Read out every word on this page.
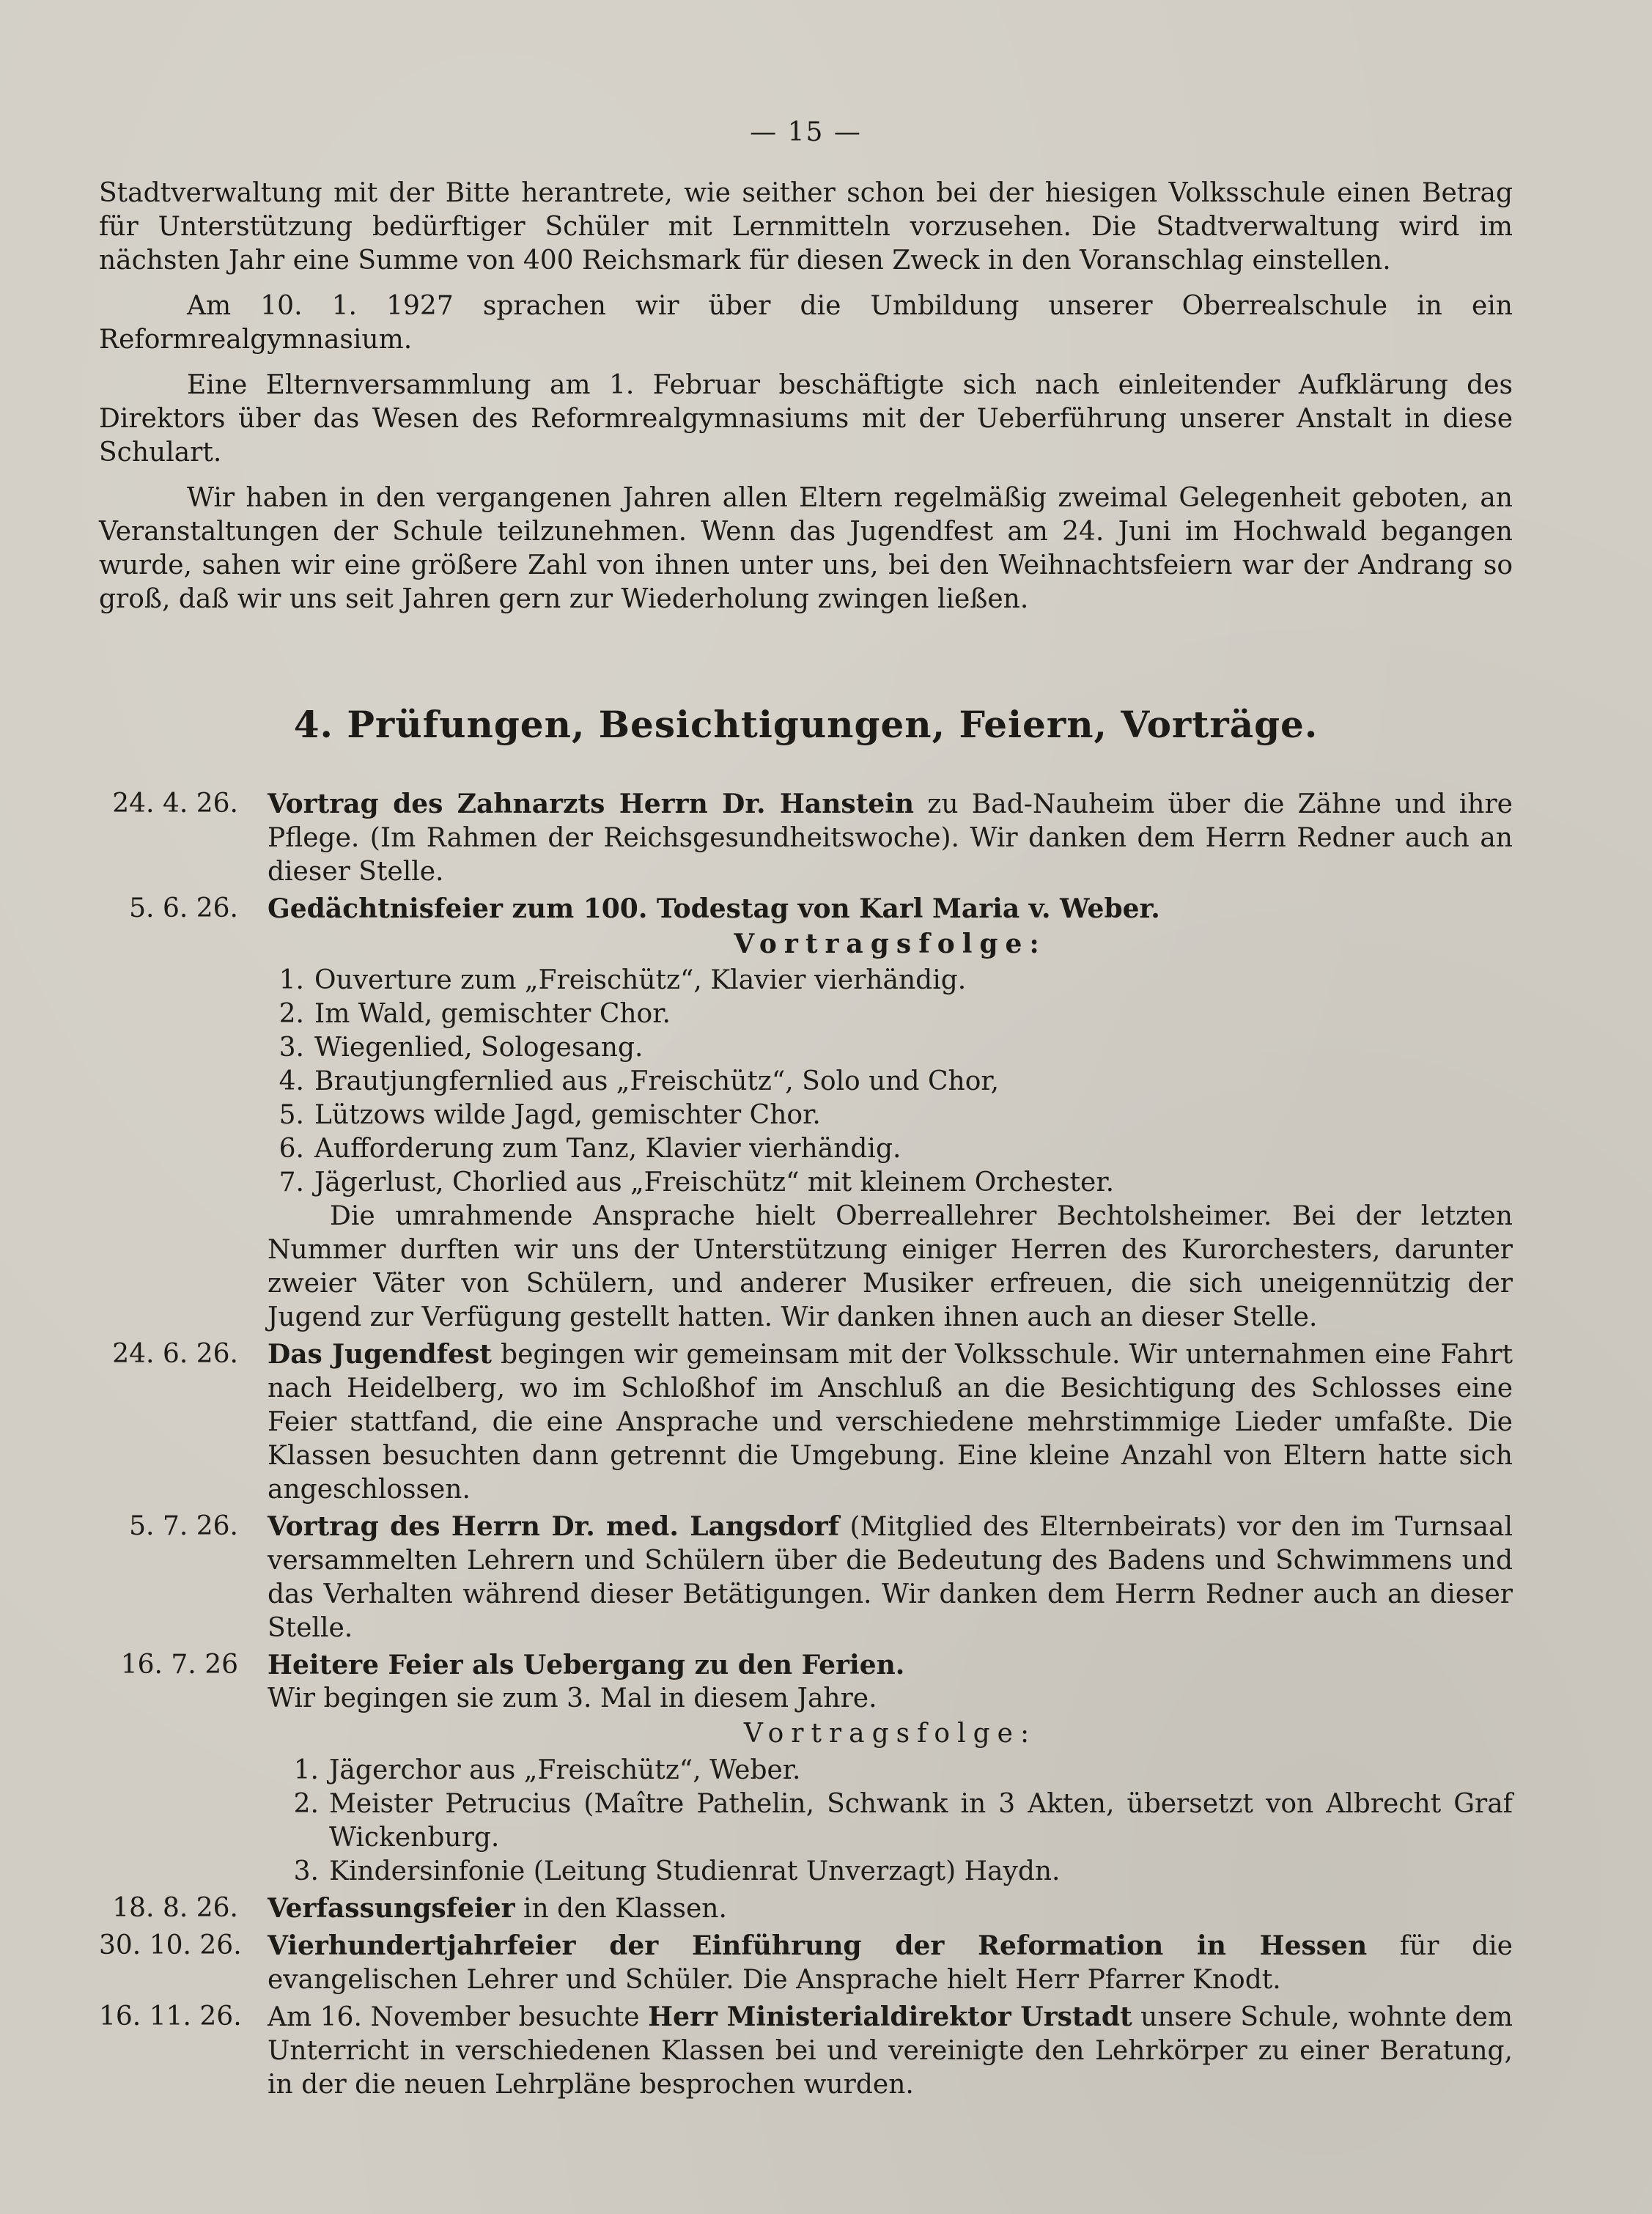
— 15 —

Stadtverwaltung mit der Bitte herantrete, wie seither schon bei der hiesigen Volksschule einen Betrag für Unterstützung bedürftiger Schüler mit Lernmitteln vorzusehen. Die Stadtverwaltung wird im nächsten Jahr eine Summe von 400 Reichsmark für diesen Zweck in den Voranschlag einstellen.

Am 10. 1. 1927 sprachen wir über die Umbildung unserer Oberrealschule in ein Reformrealgymnasium.

Eine Elternversammlung am 1. Februar beschäftigte sich nach einleitender Aufklärung des Direktors über das Wesen des Reformrealgymnasiums mit der Ueberführung unserer Anstalt in diese Schulart.

Wir haben in den vergangenen Jahren allen Eltern regelmäßig zweimal Gelegenheit geboten, an Veranstaltungen der Schule teilzunehmen. Wenn das Jugendfest am 24. Juni im Hochwald begangen wurde, sahen wir eine größere Zahl von ihnen unter uns, bei den Weihnachtsfeiern war der Andrang so groß, daß wir uns seit Jahren gern zur Wiederholung zwingen ließen.

4. Prüfungen, Besichtigungen, Feiern, Vorträge.
24. 4. 26.	Vortrag des Zahnarzts Herrn Dr. Hanstein zu Bad-Nauheim über die Zähne und ihre Pflege. (Im Rahmen der Reichsgesundheitswoche). Wir danken dem Herrn Redner auch an dieser Stelle.
5. 6. 26.	Gedächtnisfeier zum 100. Todestag von Karl Maria v. Weber.
Vortragsfolge:
1. Ouverture zum „Freischütz“, Klavier vierhändig.
2. Im Wald, gemischter Chor.
3. Wiegenlied, Sologesang.
4. Brautjungfernlied aus „Freischütz“, Solo und Chor,
5. Lützows wilde Jagd, gemischter Chor.
6. Aufforderung zum Tanz, Klavier vierhändig.
7. Jägerlust, Chorlied aus „Freischütz“ mit kleinem Orchester.
Die umrahmende Ansprache hielt Oberreallehrer Bechtolsheimer. Bei der letzten Nummer durften wir uns der Unterstützung einiger Herren des Kurorchesters, darunter zweier Väter von Schülern, und anderer Musiker erfreuen, die sich uneigennützig der Jugend zur Verfügung gestellt hatten. Wir danken ihnen auch an dieser Stelle.
24. 6. 26.	Das Jugendfest begingen wir gemeinsam mit der Volksschule. Wir unternahmen eine Fahrt nach Heidelberg, wo im Schloßhof im Anschluß an die Besichtigung des Schlosses eine Feier stattfand, die eine Ansprache und verschiedene mehrstimmige Lieder umfaßte. Die Klassen besuchten dann getrennt die Umgebung. Eine kleine Anzahl von Eltern hatte sich angeschlossen.
5. 7. 26.	Vortrag des Herrn Dr. med. Langsdorf (Mitglied des Elternbeirats) vor den im Turnsaal versammelten Lehrern und Schülern über die Bedeutung des Badens und Schwimmens und das Verhalten während dieser Betätigungen. Wir danken dem Herrn Redner auch an dieser Stelle.
16. 7. 26	Heitere Feier als Uebergang zu den Ferien.
Wir begingen sie zum 3. Mal in diesem Jahre.
Vortragsfolge:
1. Jägerchor aus „Freischütz“, Weber.
2. Meister Petrucius (Maître Pathelin, Schwank in 3 Akten, übersetzt von Albrecht Graf Wickenburg.
3. Kindersinfonie (Leitung Studienrat Unverzagt) Haydn.
18. 8. 26.	Verfassungsfeier in den Klassen.
30. 10. 26. Vierhundertjahrfeier der Einführung der Reformation in Hessen für die evangelischen Lehrer und Schüler. Die Ansprache hielt Herr Pfarrer Knodt.
16. 11. 26. Am 16. November besuchte Herr Ministerialdirektor Urstadt unsere Schule, wohnte dem Unterricht in verschiedenen Klassen bei und vereinigte den Lehrkörper zu einer Beratung, in der die neuen Lehrpläne besprochen wurden.
